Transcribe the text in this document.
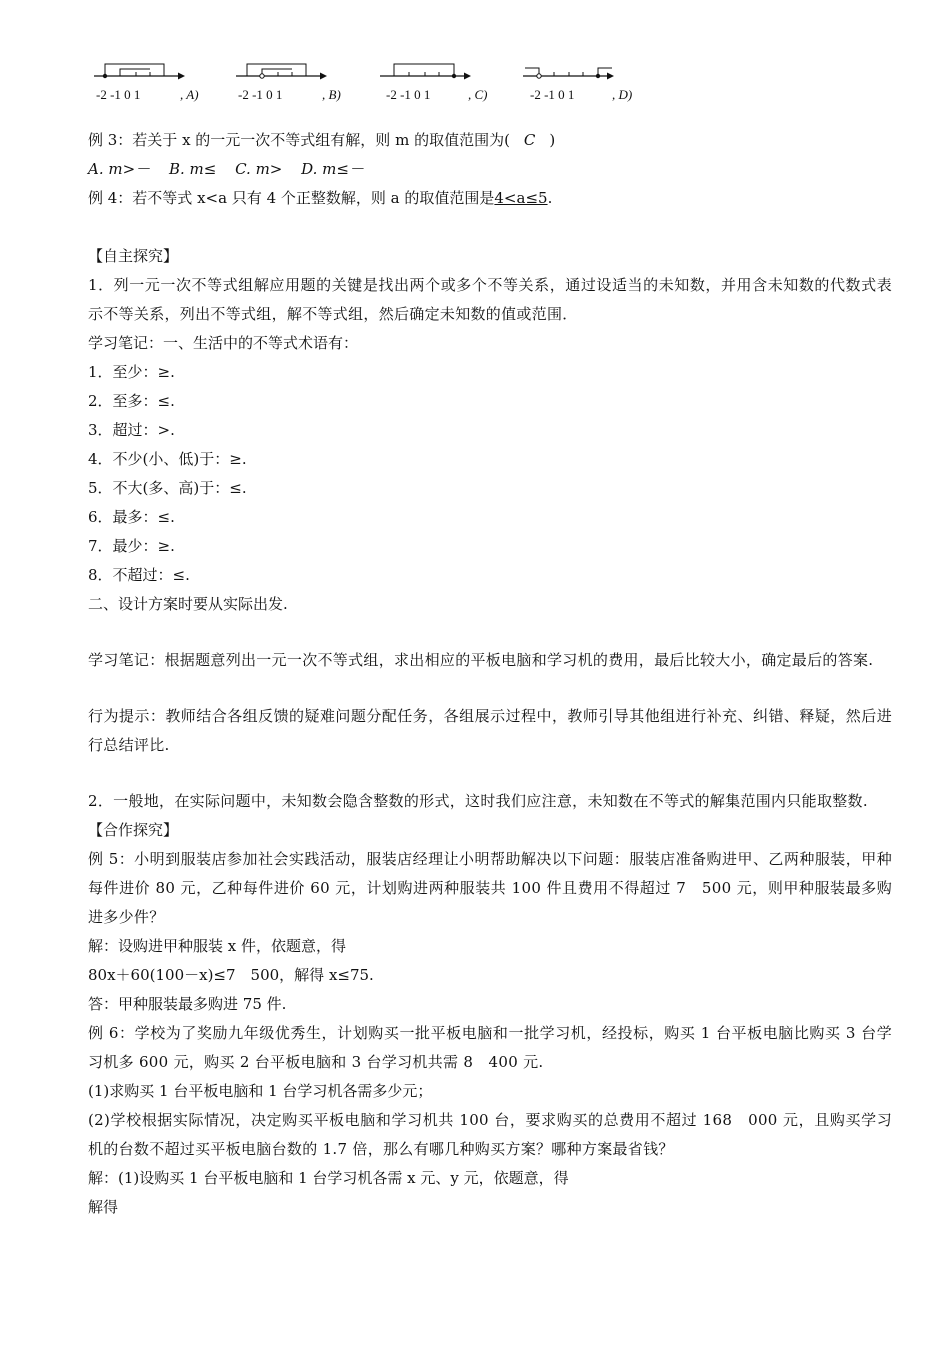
-2 -1 0 1	, A)	-2 -1 0 1	, B)	-2 -1 0 1	, C)	-2 -1 0 1	, D)
例 3：若关于 x 的一元一次不等式组有解，则 m 的取值范围为( C )
A. m>－ B. m≤ C. m> D. m≤－
例 4：若不等式 x<a 只有 4 个正整数解，则 a 的取值范围是4<a≤5.
【自主探究】
1．列一元一次不等式组解应用题的关键是找出两个或多个不等关系，通过设适当的未知数，并用含未知数的代数式表示不等关系，列出不等式组，解不等式组，然后确定未知数的值或范围．
学习笔记：一、生活中的不等式术语有：
1．至少：≥.
2．至多：≤.
3．超过：>.
4．不少(小、低)于：≥.
5．不大(多、高)于：≤.
6．最多：≤.
7．最少：≥.
8．不超过：≤.
二、设计方案时要从实际出发.
学习笔记：根据题意列出一元一次不等式组，求出相应的平板电脑和学习机的费用，最后比较大小，确定最后的答案.
行为提示：教师结合各组反馈的疑难问题分配任务，各组展示过程中，教师引导其他组进行补充、纠错、释疑，然后进行总结评比.
2．一般地，在实际问题中，未知数会隐含整数的形式，这时我们应注意，未知数在不等式的解集范围内只能取整数.
【合作探究】
例 5：小明到服装店参加社会实践活动，服装店经理让小明帮助解决以下问题：服装店准备购进甲、乙两种服装，甲种每件进价 80 元，乙种每件进价 60 元，计划购进两种服装共 100 件且费用不得超过 7　500 元，则甲种服装最多购进多少件？
解：设购进甲种服装 x 件，依题意，得
80x＋60(100－x)≤7　500，解得 x≤75.
答：甲种服装最多购进 75 件.
例 6：学校为了奖励九年级优秀生，计划购买一批平板电脑和一批学习机，经投标，购买 1 台平板电脑比购买 3 台学习机多 600 元，购买 2 台平板电脑和 3 台学习机共需 8　400 元.
(1)求购买 1 台平板电脑和 1 台学习机各需多少元；
(2)学校根据实际情况，决定购买平板电脑和学习机共 100 台，要求购买的总费用不超过 168　000 元，且购买学习机的台数不超过买平板电脑台数的 1.7 倍，那么有哪几种购买方案？哪种方案最省钱？
解：(1)设购买 1 台平板电脑和 1 台学习机各需 x 元、y 元，依题意，得
解得
